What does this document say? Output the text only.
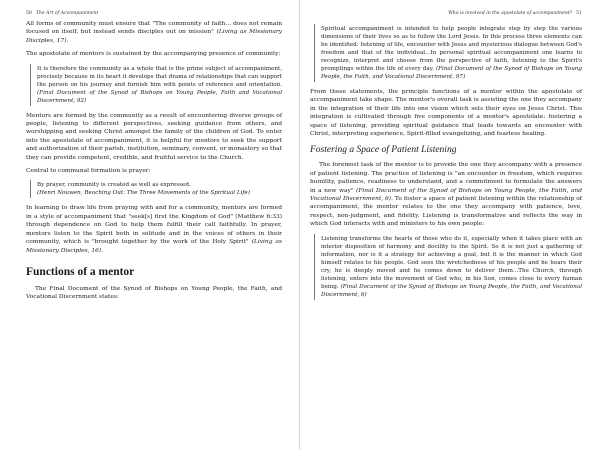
50 The Art of Accompaniment

All forms of community must ensure that "The community of faith... does not remain focused on itself, but instead sends disciples out on mission" (Living as Missionary Disciples, 17).

The apostolate of mentors is sustained by the accompanying presence of community:

It is therefore the community as a whole that is the prime subject of accompaniment, precisely because in its heart it develops that drama of relationships that can support the person on his journey and furnish him with points of reference and orientation. (Final Document of the Synod of Bishops on Young People, Faith and Vocational Discernment, 92)

Mentors are formed by the community as a result of encountering diverse groups of people, listening to different perspectives, seeking guidance from others, and worshipping and seeking Christ amongst the family of the children of God. To enter into the apostolate of accompaniment, it is helpful for mentors to seek the support and authorization of their parish, institution, seminary, convent, or monastery so that they can provide competent, credible, and fruitful service to the Church.

Central to communal formation is prayer:

By prayer, community is created as well as expressed.
(Henri Nouwen, Reaching Out: The Three Movements of the Spiritual Life)

In learning to draw life from praying with and for a community, mentors are formed in a style of accompaniment that "seek[s] first the Kingdom of God" (Matthew 6:33) through dependence on God to help them fulfill their call faithfully. In prayer, mentors listen to the Spirit both in solitude and in the voices of others in their community, which is "brought together by the work of the Holy Spirit" (Living as Missionary Disciples, 16).

Functions of a mentor

The Final Document of the Synod of Bishops on Young People, the Faith, and Vocational Discernment states:

Who is involved in the apostolate of accompaniment? 51
Spiritual accompaniment is intended to help people integrate step by step the various dimensions of their lives so as to follow the Lord Jesus. In this process three elements can be identified: listening of life, encounter with Jesus and mysterious dialogue between God's freedom and that of the individual...In personal spiritual accompaniment one learns to recognize, interpret and choose from the perspective of faith, listening to the Spirit's promptings within the life of every day. (Final Document of the Synod of Bishops on Young People, the Faith, and Vocational Discernment, 97)

From these statements, the principle functions of a mentor within the apostolate of accompaniment take shape. The mentor's overall task is assisting the one they accompany in the integration of their life into one vision which sets their eyes on Jesus Christ. This integration is cultivated through five components of a mentor's apostolate: fostering a space of listening, providing spiritual guidance that leads towards an encounter with Christ, interpreting experience, Spirit-filled evangelizing, and fearless healing.

Fostering a Space of Patient Listening

The foremost task of the mentor is to provide the one they accompany with a presence of patient listening. The practice of listening is "an encounter in freedom, which requires humility, patience, readiness to understand, and a commitment to formulate the answers in a new way" (Final Document of the Synod of Bishops on Young People, the Faith, and Vocational Discernment, 6). To foster a space of patient listening within the relationship of accompaniment, the mentor relates to the one they accompany with patience, love, respect, non-judgment, and fidelity. Listening is transformative and reflects the way in which God interacts with and ministers to his own people:

Listening transforms the hearts of those who do it, especially when it takes place with an interior disposition of harmony and docility to the Spirit. So it is not just a gathering of information, nor is it a strategy for achieving a goal, but it is the manner in which God himself relates to his people. God sees the wretchedness of his people and he hears their cry, he is deeply moved and he comes down to deliver them...The Church, through listening, enters into the movement of God who, in his Son, comes close to every human being. (Final Document of the Synod of Bishops on Young People, the Faith, and Vocational Discernment, 6)
